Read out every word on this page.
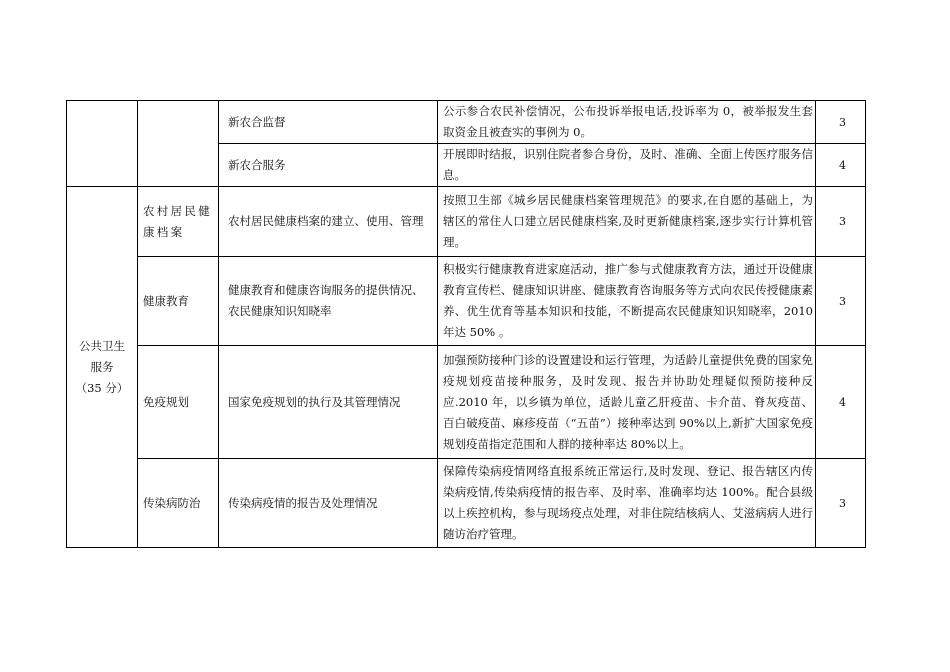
新农合监督
公示参合农民补偿情况，公布投诉举报电话,投诉率为 0，被举报发生套取资金且被查实的事例为 0。
3
新农合服务
开展即时结报，识别住院者参合身份，及时、准确、全面上传医疗服务信息。
4
公共卫生
服务
（35 分）
农村居民健康档案
农村居民健康档案的建立、使用、管理
按照卫生部《城乡居民健康档案管理规范》的要求,在自愿的基础上，为辖区的常住人口建立居民健康档案,及时更新健康档案,逐步实行计算机管理。
3
健康教育
健康教育和健康咨询服务的提供情况、农民健康知识知晓率
积极实行健康教育进家庭活动，推广参与式健康教育方法，通过开设健康教育宣传栏、健康知识讲座、健康教育咨询服务等方式向农民传授健康素养、优生优育等基本知识和技能，不断提高农民健康知识知晓率，2010 年达 50% 。
3
免疫规划	国家免疫规划的执行及其管理情况
加强预防接种门诊的设置建设和运行管理，为适龄儿童提供免费的国家免疫规划疫苗接种服务，及时发现、报告并协助处理疑似预防接种反应.2010 年，以乡镇为单位，适龄儿童乙肝疫苗、卡介苗、脊灰疫苗、百白破疫苗、麻疹疫苗（“五苗”）接种率达到 90%以上,新扩大国家免疫规划疫苗指定范围和人群的接种率达 80%以上。
4
传染病防治 传染病疫情的报告及处理情况
保障传染病疫情网络直报系统正常运行,及时发现、登记、报告辖区内传染病疫情,传染病疫情的报告率、及时率、准确率均达 100%。配合县级以上疾控机构，参与现场疫点处理，对非住院结核病人、艾滋病病人进行随访治疗管理。
3
